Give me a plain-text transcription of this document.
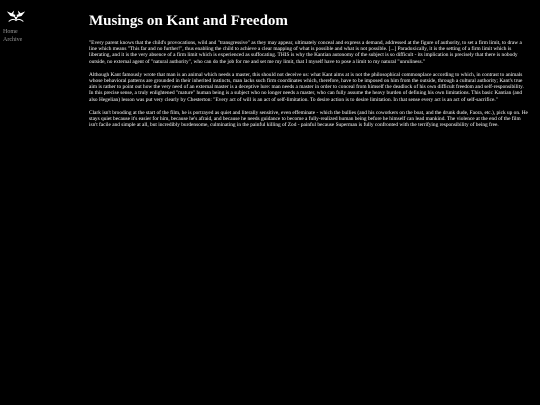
Home
Archive
Musings on Kant and Freedom

"Every parent knows that the child's provocations, wild and "transgressive" as they may appear, ultimately conceal and express a demand, addressed at the figure of authority, to set a firm limit, to draw a line which means "This far and no further!", thus enabling the child to achieve a clear mapping of what is possible and what is not possible. [...] Paradoxically, it is the setting of a firm limit which is liberating, and it is the very absence of a firm limit which is experienced as suffocating. THIS is why the Kantian autonomy of the subject is so difficult - its implication is precisely that there is nobody outside, no external agent of "natural authority", who can do the job for me and set me my limit, that I myself have to pose a limit to my natural "unruliness."

Although Kant famously wrote that man is an animal which needs a master, this should not deceive us: what Kant aims at is not the philosophical commonplace according to which, in contrast to animals whose behavioral patterns are grounded in their inherited instincts, man lacks such firm coordinates which, therefore, have to be imposed on him from the outside, through a cultural authority; Kant's true aim is rather to point out how the very need of an external master is a deceptive lure: man needs a master in order to conceal from himself the deadlock of his own difficult freedom and self-responsibility. In this precise sense, a truly enlightened "mature" human being is a subject who no longer needs a master, who can fully assume the heavy burden of defining his own limitations. This basic Kantian (and also Hegelian) lesson was put very clearly by Chesterton: "Every act of will is an act of self-limitation. To desire action is to desire limitation. In that sense every act is an act of self-sacrifice."

Clark isn't brooding at the start of the film, he is portrayed as quiet and literally sensitive, even effeminate - which the bullies (and his coworkers on the boat, and the drunk dude, Faora, etc.), pick up on. He stays quiet because it's easier for him, because he's afraid, and because he needs guidance to become a fully-realized human being before he himself can lead mankind. The violence at the end of the film isn't facile and simple at all, but incredibly burdensome, culminating in the painful killing of Zod - painful because Superman is fully confronted with the terrifying responsibility of being free.
